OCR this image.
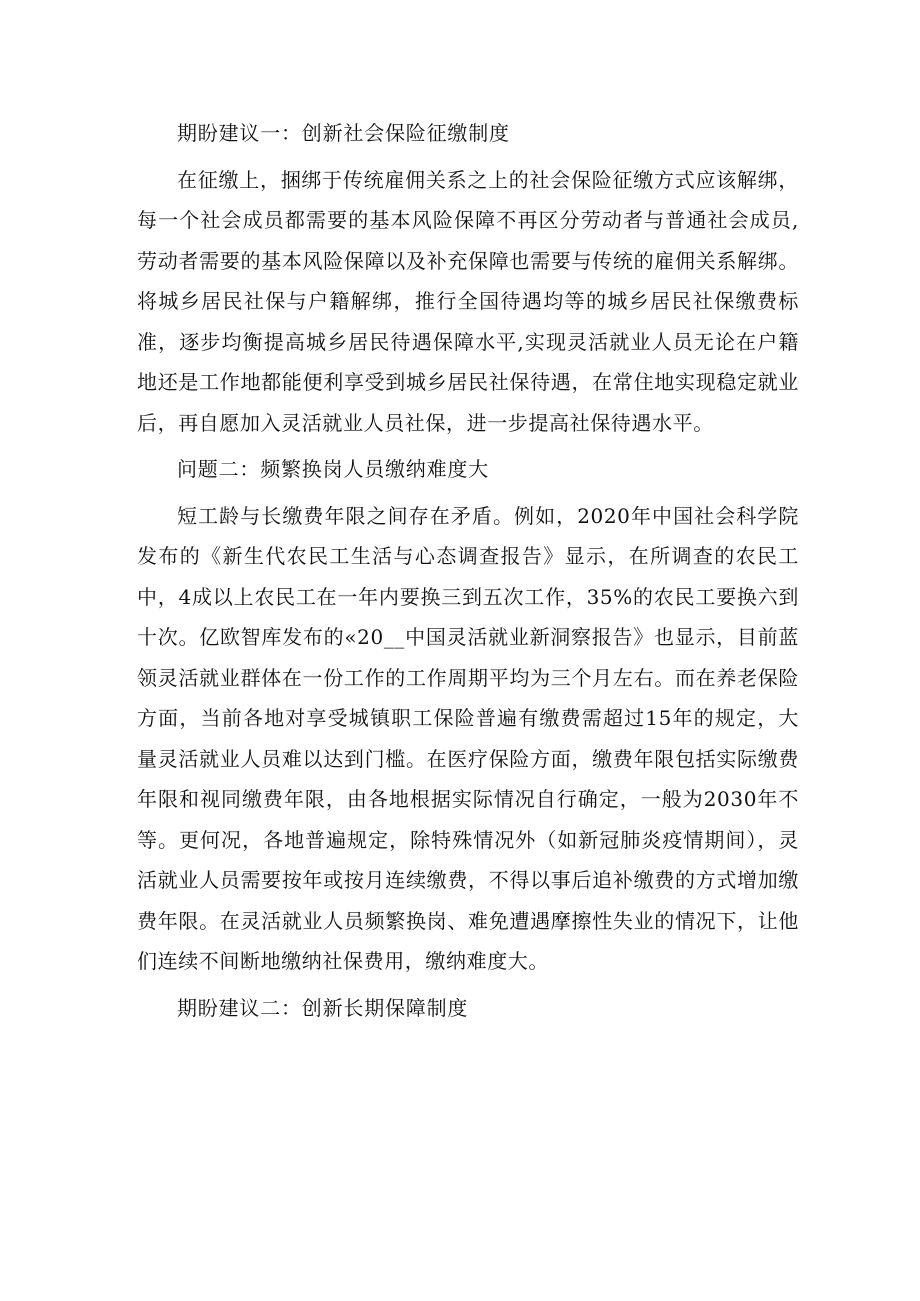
期盼建议一：创新社会保险征缴制度

在征缴上，捆绑于传统雇佣关系之上的社会保险征缴方式应该解绑，每一个社会成员都需要的基本风险保障不再区分劳动者与普通社会成员,劳动者需要的基本风险保障以及补充保障也需要与传统的雇佣关系解绑。将城乡居民社保与户籍解绑，推行全国待遇均等的城乡居民社保缴费标准，逐步均衡提高城乡居民待遇保障水平,实现灵活就业人员无论在户籍地还是工作地都能便利享受到城乡居民社保待遇，在常住地实现稳定就业后，再自愿加入灵活就业人员社保，进一步提高社保待遇水平。

问题二：频繁换岗人员缴纳难度大

短工龄与长缴费年限之间存在矛盾。例如，2020年中国社会科学院发布的《新生代农民工生活与心态调查报告》显示，在所调查的农民工中，4成以上农民工在一年内要换三到五次工作，35%的农民工要换六到十次。亿欧智库发布的«20__中国灵活就业新洞察报告》也显示，目前蓝领灵活就业群体在一份工作的工作周期平均为三个月左右。而在养老保险方面，当前各地对享受城镇职工保险普遍有缴费需超过15年的规定，大量灵活就业人员难以达到门槛。在医疗保险方面，缴费年限包括实际缴费年限和视同缴费年限，由各地根据实际情况自行确定，一般为2030年不等。更何况，各地普遍规定，除特殊情况外（如新冠肺炎疫情期间），灵活就业人员需要按年或按月连续缴费，不得以事后追补缴费的方式增加缴费年限。在灵活就业人员频繁换岗、难免遭遇摩擦性失业的情况下，让他们连续不间断地缴纳社保费用，缴纳难度大。

期盼建议二：创新长期保障制度
